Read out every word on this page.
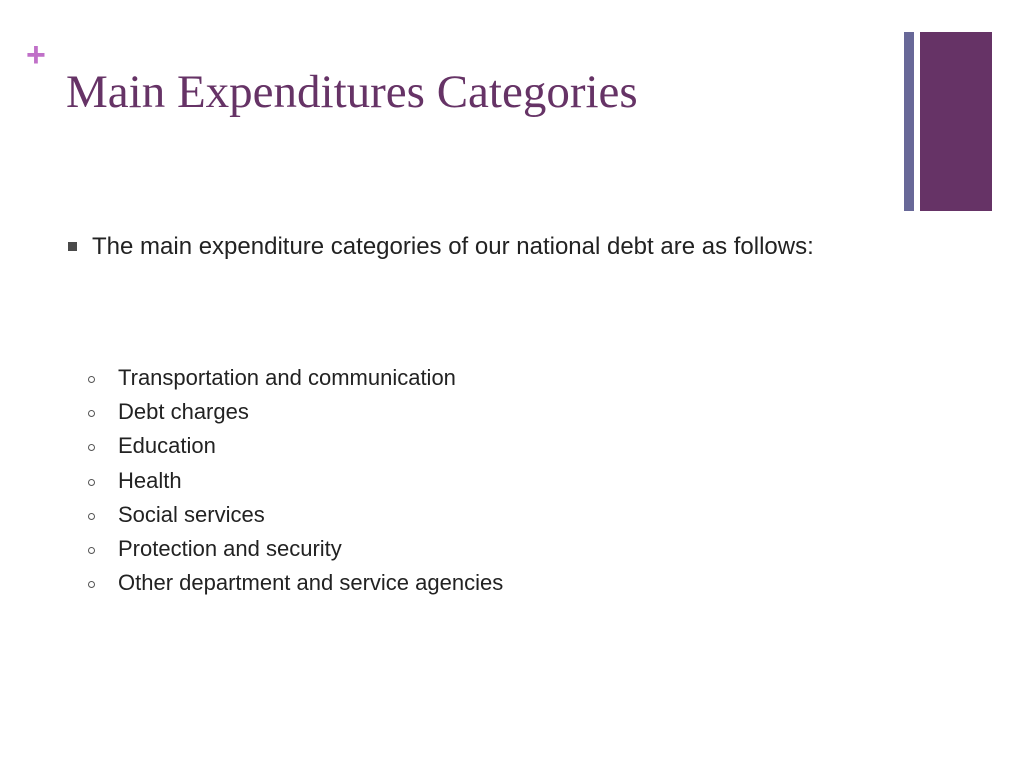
+
Main Expenditures Categories
The main expenditure categories of our national debt are as follows:
Transportation and communication
Debt charges
Education
Health
Social services
Protection and security
Other department and service agencies
